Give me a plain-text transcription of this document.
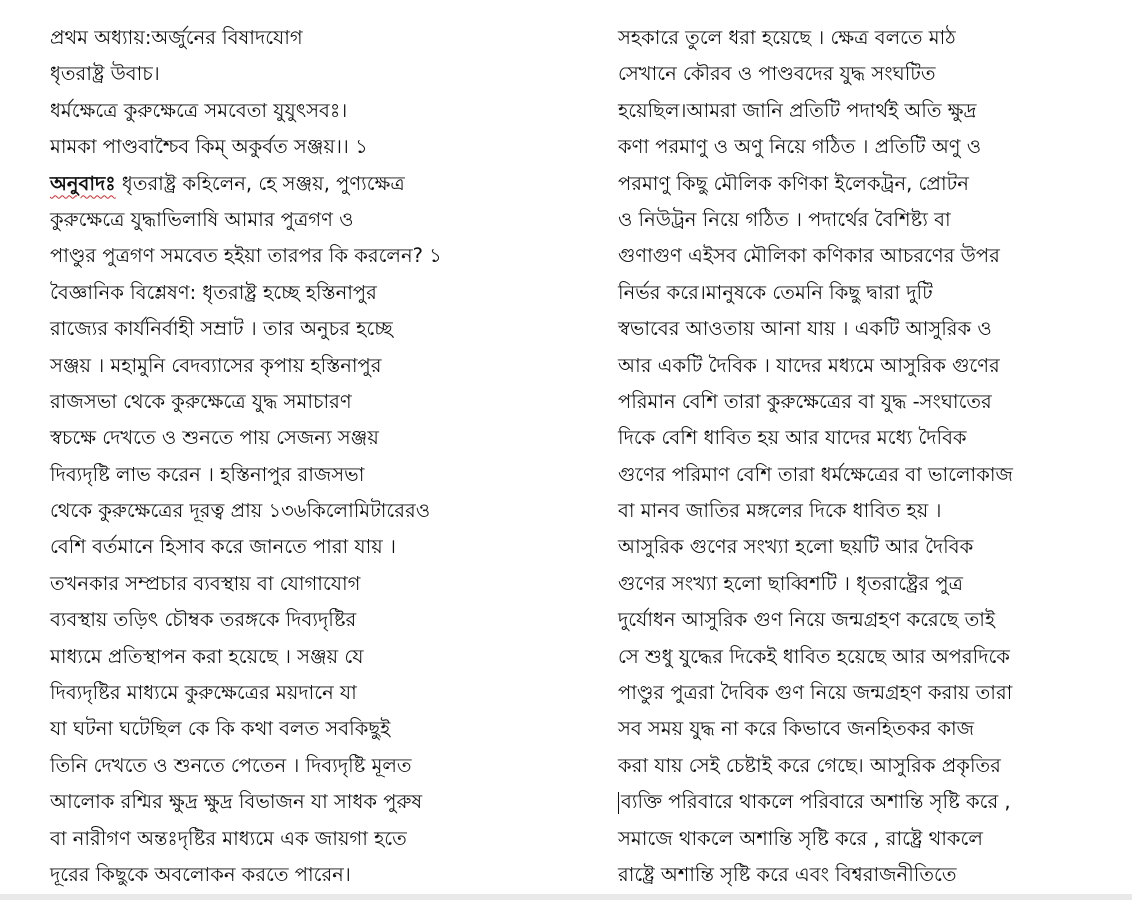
প্রথম অধ্যায়:অর্জুনের বিষাদযোগ
ধৃতরাষ্ট্র উবাচ।
ধর্মক্ষেত্রে কুরুক্ষেত্রে সমবেতা যুযুৎসবঃ।
মামকা পাণ্ডবাশ্চৈব কিম্ অকুর্বত সঞ্জয়।। ১
অনুবাদঃ ধৃতরাষ্ট্র কহিলেন, হে সঞ্জয়, পুণ্যক্ষেত্র
কুরুক্ষেত্রে যুদ্ধাভিলাষি আমার পুত্রগণ ও
পাণ্ডুর পুত্রগণ সমবেত হইয়া তারপর কি করলেন? ১
বৈজ্ঞানিক বিশ্লেষণ: ধৃতরাষ্ট্র হচ্ছে হস্তিনাপুর
রাজ্যের কার্যনির্বাহী সম্রাট । তার অনুচর হচ্ছে
সঞ্জয় । মহামুনি বেদব্যাসের কৃপায় হস্তিনাপুর
রাজসভা থেকে কুরুক্ষেত্রে যুদ্ধ সমাচারণ
স্বচক্ষে দেখতে ও শুনতে পায় সেজন্য সঞ্জয়
দিব্যদৃষ্টি লাভ করেন । হস্তিনাপুর রাজসভা
থেকে কুরুক্ষেত্রের দূরত্ব প্রায় ১৩৬কিলোমিটারেরও
বেশি বর্তমানে হিসাব করে জানতে পারা যায় ।
তখনকার সম্প্রচার ব্যবস্থায় বা যোগাযোগ
ব্যবস্থায় তড়িৎ চৌম্বক তরঙ্গকে দিব্যদৃষ্টির
মাধ্যমে প্রতিস্থাপন করা হয়েছে । সঞ্জয় যে
দিব্যদৃষ্টির মাধ্যমে কুরুক্ষেত্রের ময়দানে যা
যা ঘটনা ঘটেছিল কে কি কথা বলত সবকিছুই
তিনি দেখতে ও শুনতে পেতেন । দিব্যদৃষ্টি মূলত
আলোক রশ্মির ক্ষুদ্র ক্ষুদ্র বিভাজন যা সাধক পুরুষ
বা নারীগণ অন্তঃদৃষ্টির মাধ্যমে এক জায়গা হতে
দূরের কিছুকে অবলোকন করতে পারেন।
সহকারে তুলে ধরা হয়েছে । ক্ষেত্র বলতে মাঠ
সেখানে কৌরব ও পাণ্ডবদের যুদ্ধ সংঘটিত
হয়েছিল।আমরা জানি প্রতিটি পদার্থই অতি ক্ষুদ্র
কণা পরমাণু ও অণু নিয়ে গঠিত । প্রতিটি অণু ও
পরমাণু কিছু মৌলিক কণিকা ইলেকট্রন, প্রোটন
ও নিউট্রন নিয়ে গঠিত । পদার্থের বৈশিষ্ট্য বা
গুণাগুণ এইসব মৌলিকা কণিকার আচরণের উপর
নির্ভর করে।মানুষকে তেমনি কিছু দ্বারা দুটি
স্বভাবের আওতায় আনা যায় । একটি আসুরিক ও
আর একটি দৈবিক । যাদের মধ্যমে আসুরিক গুণের
পরিমান বেশি তারা কুরুক্ষেত্রের বা যুদ্ধ -সংঘাতের
দিকে বেশি ধাবিত হয় আর যাদের মধ্যে দৈবিক
গুণের পরিমাণ বেশি তারা ধর্মক্ষেত্রের বা ভালোকাজ
বা মানব জাতির মঙ্গলের দিকে ধাবিত হয় ।
আসুরিক গুণের সংখ্যা হলো ছয়টি আর দৈবিক
গুণের সংখ্যা হলো ছাব্বিশটি । ধৃতরাষ্ট্রের পুত্র
দুর্যোধন আসুরিক গুণ নিয়ে জন্মগ্রহণ করেছে তাই
সে শুধু যুদ্ধের দিকেই ধাবিত হয়েছে আর অপরদিকে
পাণ্ডুর পুত্ররা দৈবিক গুণ নিয়ে জন্মগ্রহণ করায় তারা
সব সময় যুদ্ধ না করে কিভাবে জনহিতকর কাজ
করা যায় সেই চেষ্টাই করে গেছে। আসুরিক প্রকৃতির
ব্যক্তি পরিবারে থাকলে পরিবারে অশান্তি সৃষ্টি করে ,
সমাজে থাকলে অশান্তি সৃষ্টি করে , রাষ্ট্রে থাকলে
রাষ্ট্রে অশান্তি সৃষ্টি করে এবং বিশ্বরাজনীতিতে
